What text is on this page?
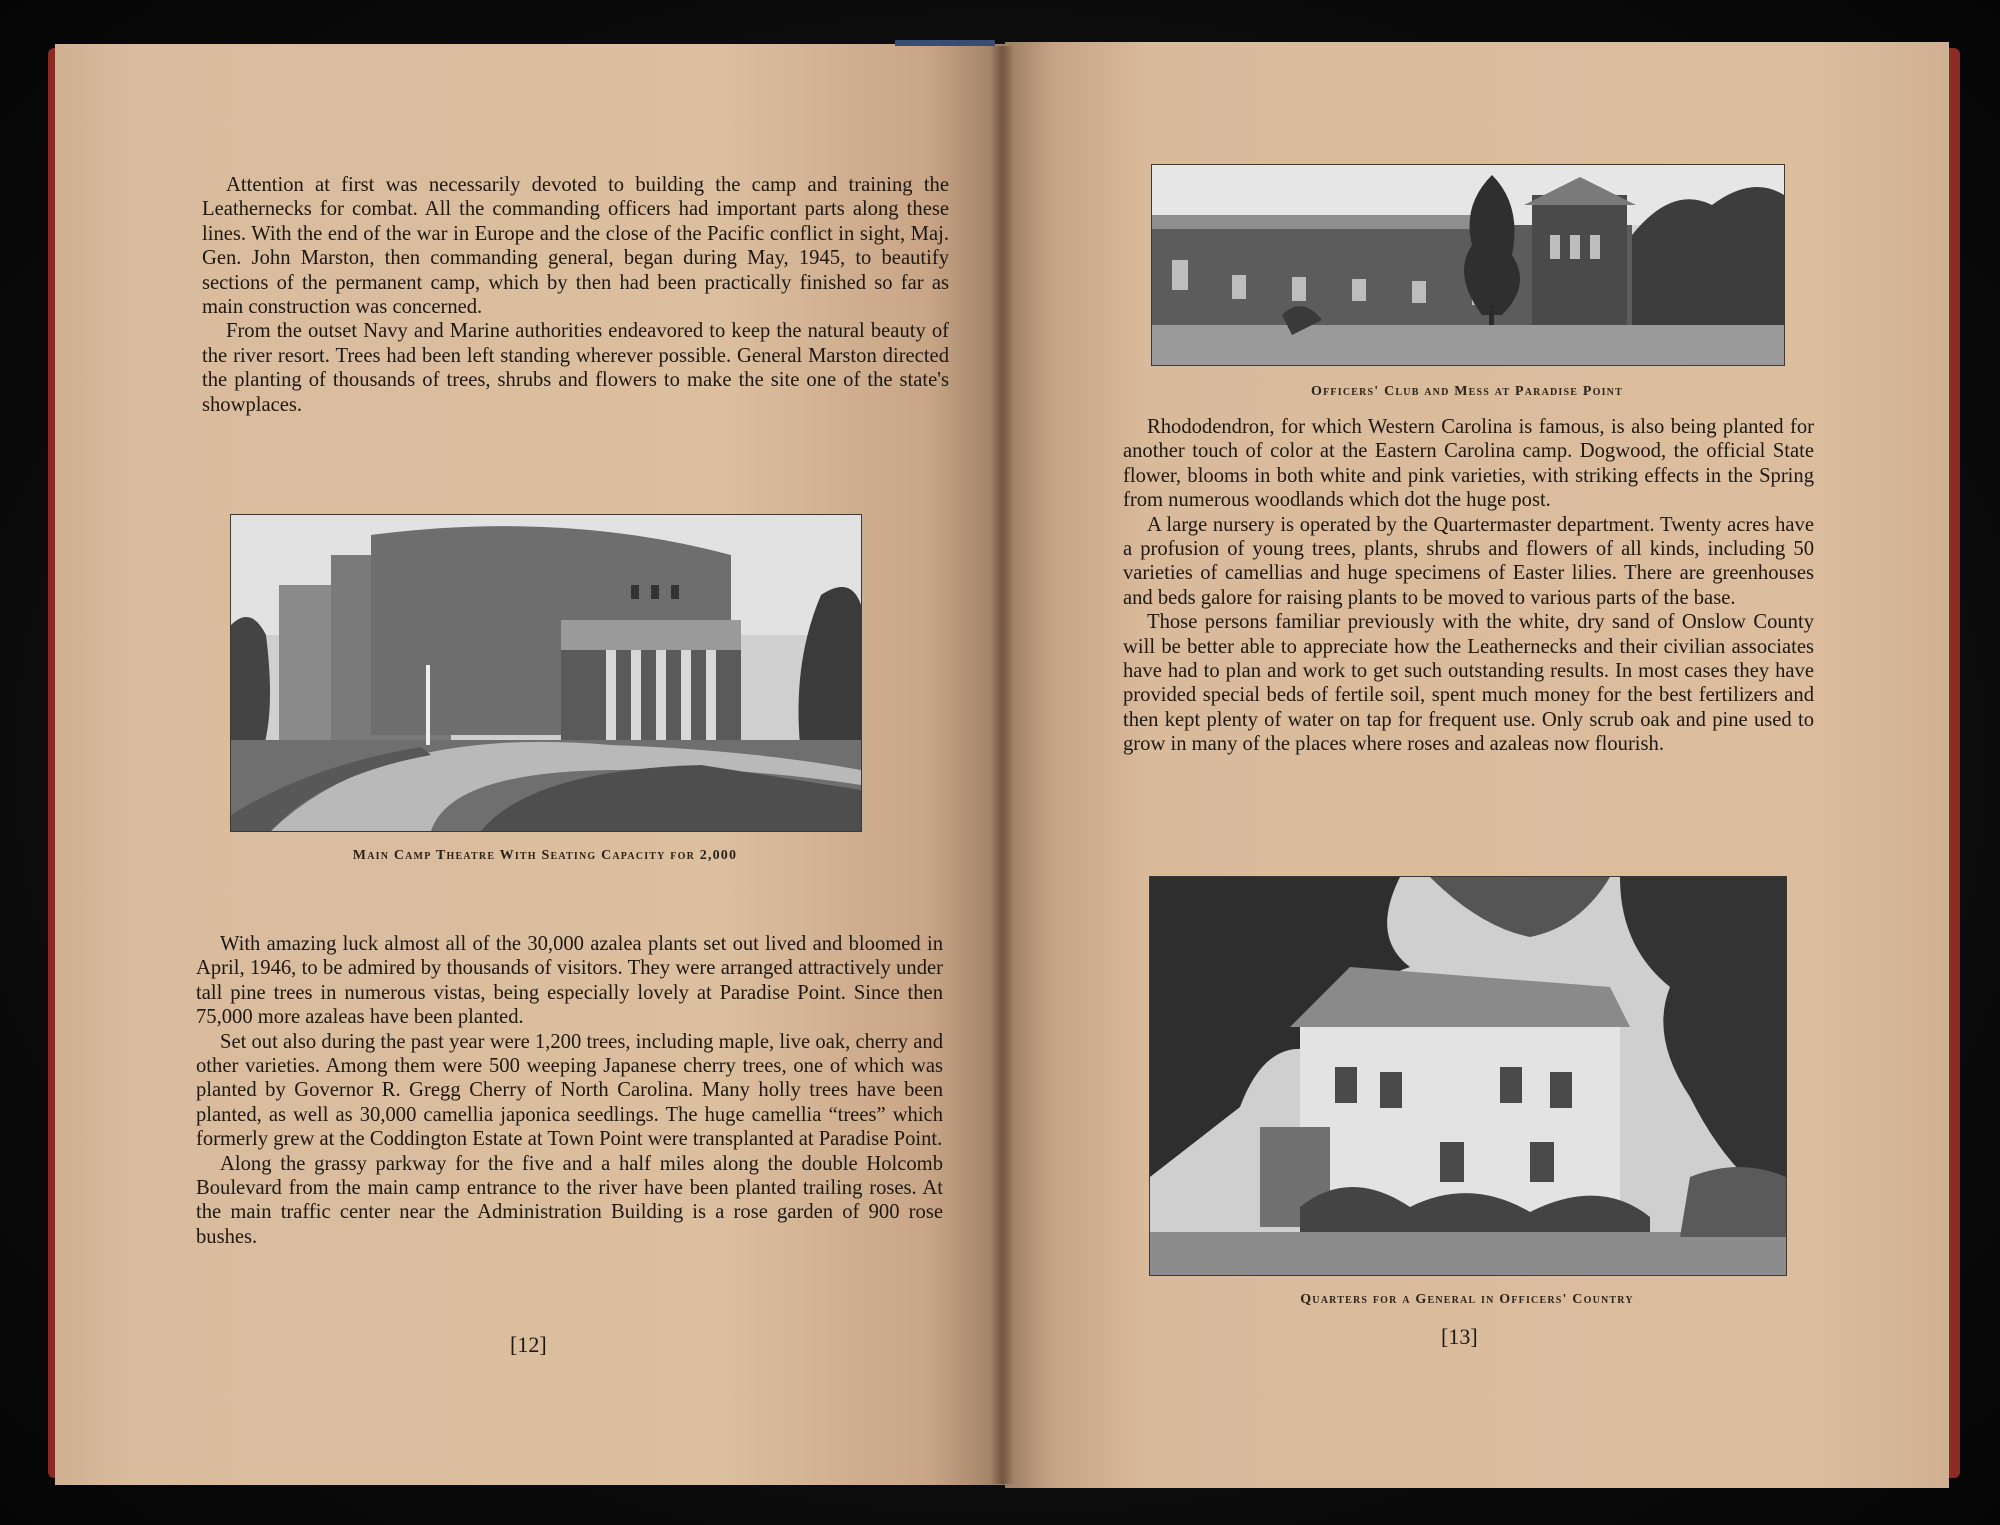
Attention at first was necessarily devoted to building the camp and training the Leathernecks for combat. All the commanding officers had important parts along these lines. With the end of the war in Europe and the close of the Pacific conflict in sight, Maj. Gen. John Marston, then commanding general, began during May, 1945, to beautify sections of the permanent camp, which by then had been practically finished so far as main construction was concerned.

From the outset Navy and Marine authorities endeavored to keep the natural beauty of the river resort. Trees had been left standing wherever possible. General Marston directed the planting of thousands of trees, shrubs and flowers to make the site one of the state's showplaces.

Main Camp Theatre With Seating Capacity for 2,000

With amazing luck almost all of the 30,000 azalea plants set out lived and bloomed in April, 1946, to be admired by thousands of visitors. They were arranged attractively under tall pine trees in numerous vistas, being especially lovely at Paradise Point. Since then 75,000 more azaleas have been planted.

Set out also during the past year were 1,200 trees, including maple, live oak, cherry and other varieties. Among them were 500 weeping Japanese cherry trees, one of which was planted by Governor R. Gregg Cherry of North Carolina. Many holly trees have been planted, as well as 30,000 camellia japonica seedlings. The huge camellia “trees” which formerly grew at the Coddington Estate at Town Point were transplanted at Paradise Point.

Along the grassy parkway for the five and a half miles along the double Holcomb Boulevard from the main camp entrance to the river have been planted trailing roses. At the main traffic center near the Administration Building is a rose garden of 900 rose bushes.

[12]
Officers' Club and Mess at Paradise Point

Rhododendron, for which Western Carolina is famous, is also being planted for another touch of color at the Eastern Carolina camp. Dogwood, the official State flower, blooms in both white and pink varieties, with striking effects in the Spring from numerous woodlands which dot the huge post.

A large nursery is operated by the Quartermaster department. Twenty acres have a profusion of young trees, plants, shrubs and flowers of all kinds, including 50 varieties of camellias and huge specimens of Easter lilies. There are greenhouses and beds galore for raising plants to be moved to various parts of the base.

Those persons familiar previously with the white, dry sand of Onslow County will be better able to appreciate how the Leathernecks and their civilian associates have had to plan and work to get such outstanding results. In most cases they have provided special beds of fertile soil, spent much money for the best fertilizers and then kept plenty of water on tap for frequent use. Only scrub oak and pine used to grow in many of the places where roses and azaleas now flourish.

Quarters for a General in Officers' Country
[13]
